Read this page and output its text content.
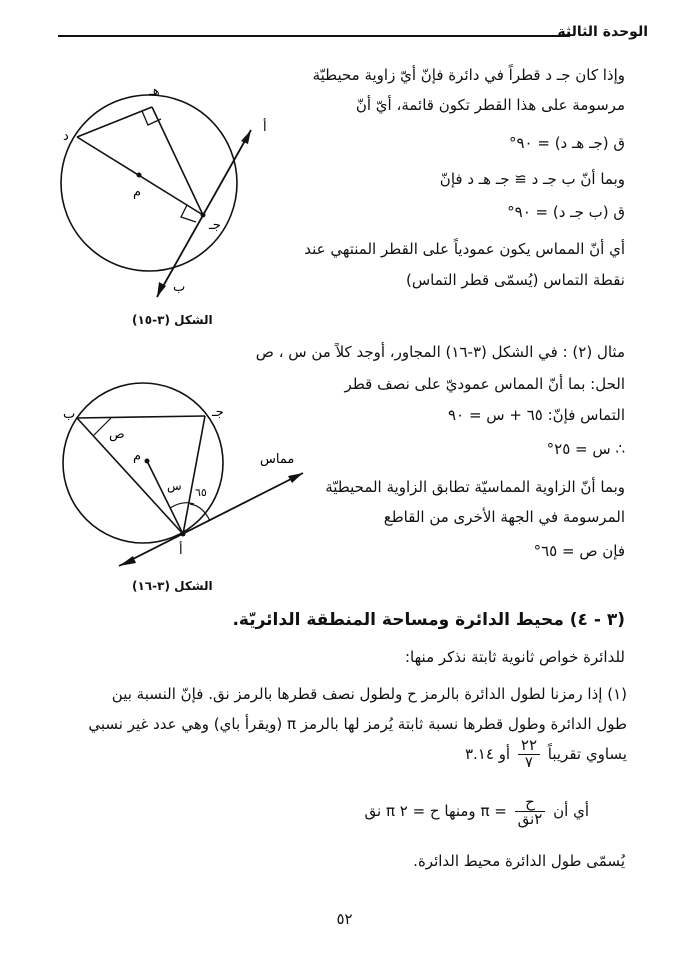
الوحدة الثالثة
وإذا كان جـ د قطراً في دائرة فإنّ أيّ زاوية محيطيّة
مرسومة على هذا القطر تكون قائمة، أيّ أنّ
ق (جـ هـ د) = ٩٠°
وبما أنّ ب جـ د ≅ جـ هـ د فإنّ
ق (ب جـ د) = ٩٠°
أي أنّ المماس يكون عمودياً على القطر المنتهي عند
نقطة التماس (يُسمّى قطر التماس)
هـ
د
م
جـ
أ
ب
الشكل (٣-١٥)
مثال (٢) : في الشكل (٣-١٦) المجاور، أوجد كلاً من س ، ص
الحل: بما أنّ المماس عموديّ على نصف قطر
التماس فإنّ: ٦٥ + س = ٩٠
∴ س = ٢٥°
وبما أنّ الزاوية المماسيّة تطابق الزاوية المحيطيّة
المرسومة في الجهة الأخرى من القاطع
فإن ص = ٦٥°
ب	جـ
ص
م
س ٦٥
أ
مماس
الشكل (٣-١٦)
(٣ - ٤) محيط الدائرة ومساحة المنطقة الدائريّة.
للدائرة خواص ثانوية ثابتة نذكر منها:
(١) إذا رمزنا لطول الدائرة بالرمز ح ولطول نصف قطرها بالرمز نق. فإنّ النسبة بين
طول الدائرة وطول قطرها نسبة ثابتة يُرمز لها بالرمز π (ويقرأ باي) وهي عدد غير نسبي
يساوي تقريباً
$\frac{٢٢}{٧}$
أو ٣.١٤
أي أن
$\frac{\text{ح}}{\text{٢نق}}$
= π ومنها ح = ٢ π نق
يُسمّى طول الدائرة محيط الدائرة.
٥٢
